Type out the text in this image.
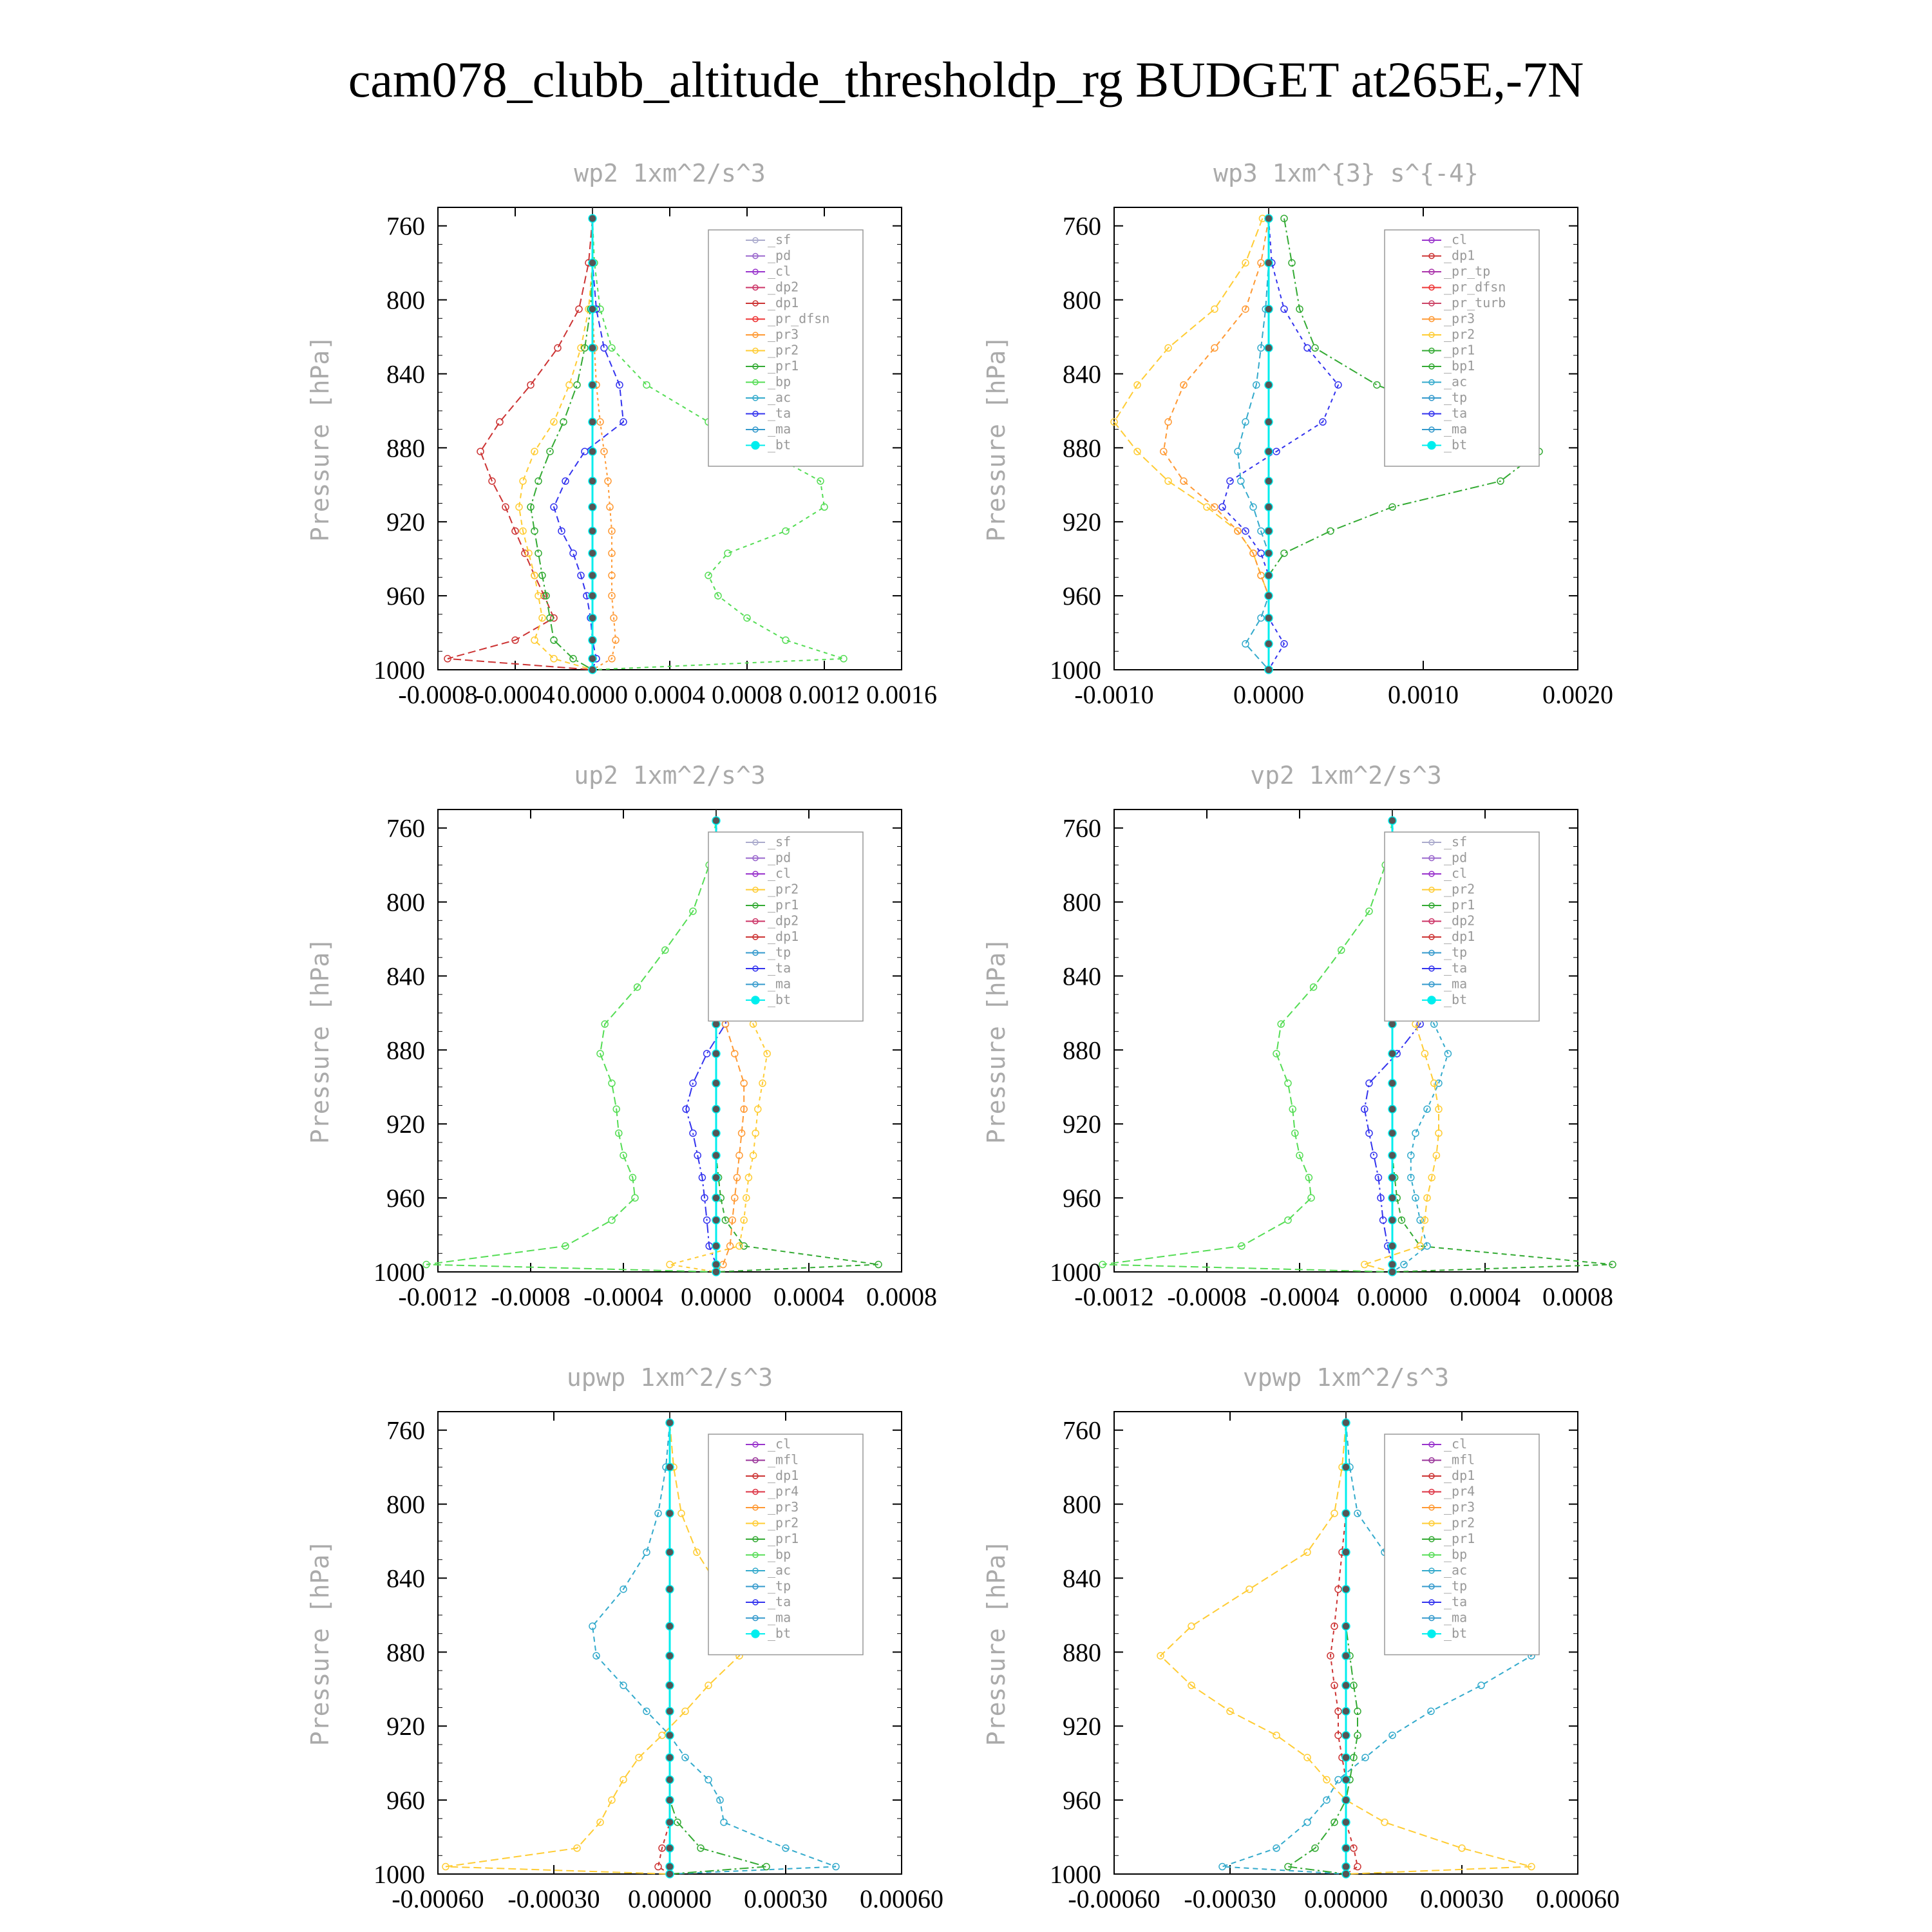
cam078_clubb_altitude_thresholdp_rg BUDGET at265E,-7N
wp2 1xm^2/s^3
Pressure [hPa]
760
800
840
880
920
960
1000
-0.0008
-0.0004 0.0000 0.0004 0.0008 0.0012 0.0016
_sf
_pd
_cl
_dp2
_dp1
_pr_dfsn
_pr3
_pr2
_pr1
_bp
_ac
_ta
_ma
_bt
wp3 1xm^{3} s^{-4}
Pressure [hPa]
760
800
840
880
920
960
1000
-0.0010	0.0000	0.0010	0.0020
_cl
_dp1
_pr_tp
_pr_dfsn
_pr_turb
_pr3
_pr2
_pr1
_bp1
_ac
_tp
_ta
_ma
_bt
up2 1xm^2/s^3
Pressure [hPa]
760
800
840
880
920
960
1000
-0.0012 -0.0008 -0.0004 0.0000 0.0004 0.0008
_sf
_pd
_cl
_pr2
_pr1
_dp2
_dp1
_tp
_ta
_ma
_bt
vp2 1xm^2/s^3
Pressure [hPa]
760
800
840
880
920
960
1000
-0.0012 -0.0008 -0.0004 0.0000 0.0004 0.0008
_sf
_pd
_cl
_pr2
_pr1
_dp2
_dp1
_tp
_ta
_ma
_bt
upwp 1xm^2/s^3
Pressure [hPa]
760
800
840
880
920
960
1000
-0.00060 -0.00030 0.00000 0.00030 0.00060
_cl
_mfl
_dp1
_pr4
_pr3
_pr2
_pr1
_bp
_ac
_tp
_ta
_ma
_bt
vpwp 1xm^2/s^3
Pressure [hPa]
760
800
840
880
920
960
1000
-0.00060 -0.00030 0.00000 0.00030 0.00060
_cl
_mfl
_dp1
_pr4
_pr3
_pr2
_pr1
_bp
_ac
_tp
_ta
_ma
_bt
